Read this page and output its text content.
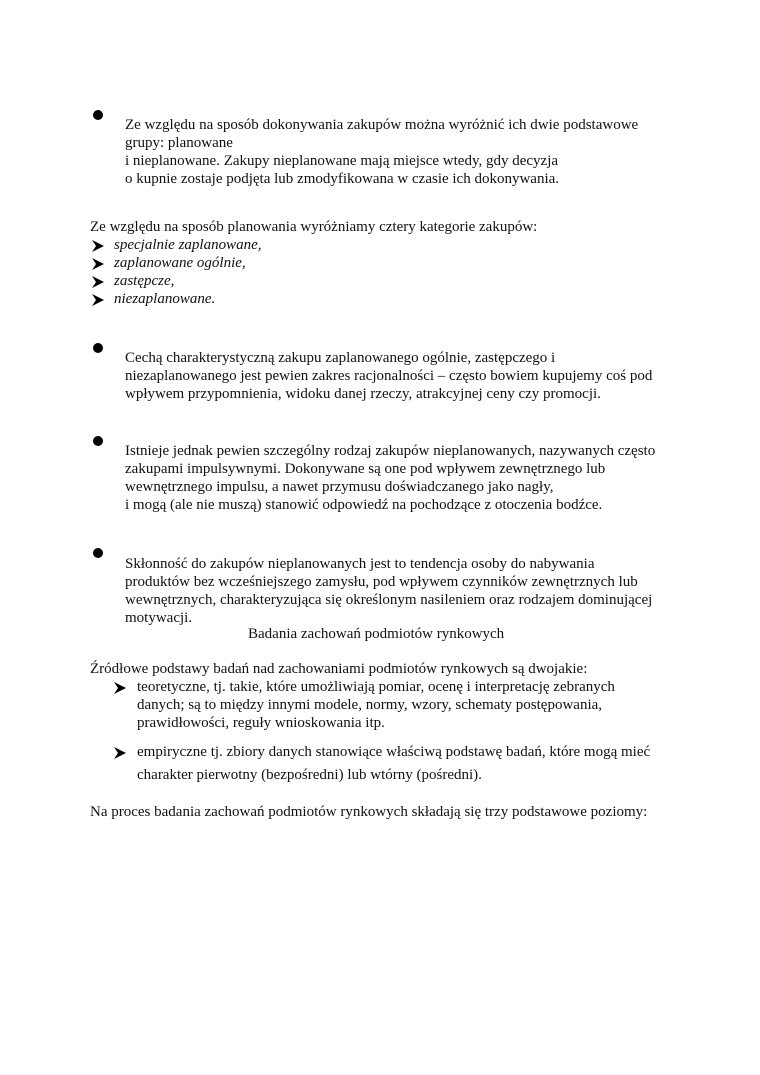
Ze względu na sposób dokonywania zakupów można wyróżnić ich dwie podstawowe
grupy: planowane
i nieplanowane. Zakupy nieplanowane mają miejsce wtedy, gdy decyzja
o kupnie zostaje podjęta lub zmodyfikowana w czasie ich dokonywania.
Ze względu na sposób planowania wyróżniamy cztery kategorie zakupów:
specjalnie zaplanowane,
zaplanowane ogólnie,
zastępcze,
niezaplanowane.
Cechą charakterystyczną zakupu zaplanowanego ogólnie, zastępczego i
niezaplanowanego jest pewien zakres racjonalności – często bowiem kupujemy coś pod
wpływem przypomnienia, widoku danej rzeczy, atrakcyjnej ceny czy promocji.
Istnieje jednak pewien szczególny rodzaj zakupów nieplanowanych, nazywanych często
zakupami impulsywnymi. Dokonywane są one pod wpływem zewnętrznego lub
wewnętrznego impulsu, a nawet przymusu doświadczanego jako nagły,
i mogą (ale nie muszą) stanowić odpowiedź na pochodzące z otoczenia bodźce.
Skłonność do zakupów nieplanowanych jest to tendencja osoby do nabywania
produktów bez wcześniejszego zamysłu, pod wpływem czynników zewnętrznych lub
wewnętrznych, charakteryzująca się określonym nasileniem oraz rodzajem dominującej
motywacji.
Badania zachowań podmiotów rynkowych
Źródłowe podstawy badań nad zachowaniami podmiotów rynkowych są dwojakie:
teoretyczne, tj. takie, które umożliwiają pomiar, ocenę i interpretację zebranych
danych; są to między innymi modele, normy, wzory, schematy postępowania,
prawidłowości, reguły wnioskowania itp.
empiryczne tj. zbiory danych stanowiące właściwą podstawę badań, które mogą mieć
charakter pierwotny (bezpośredni) lub wtórny (pośredni).
Na proces badania zachowań podmiotów rynkowych składają się trzy podstawowe poziomy:
